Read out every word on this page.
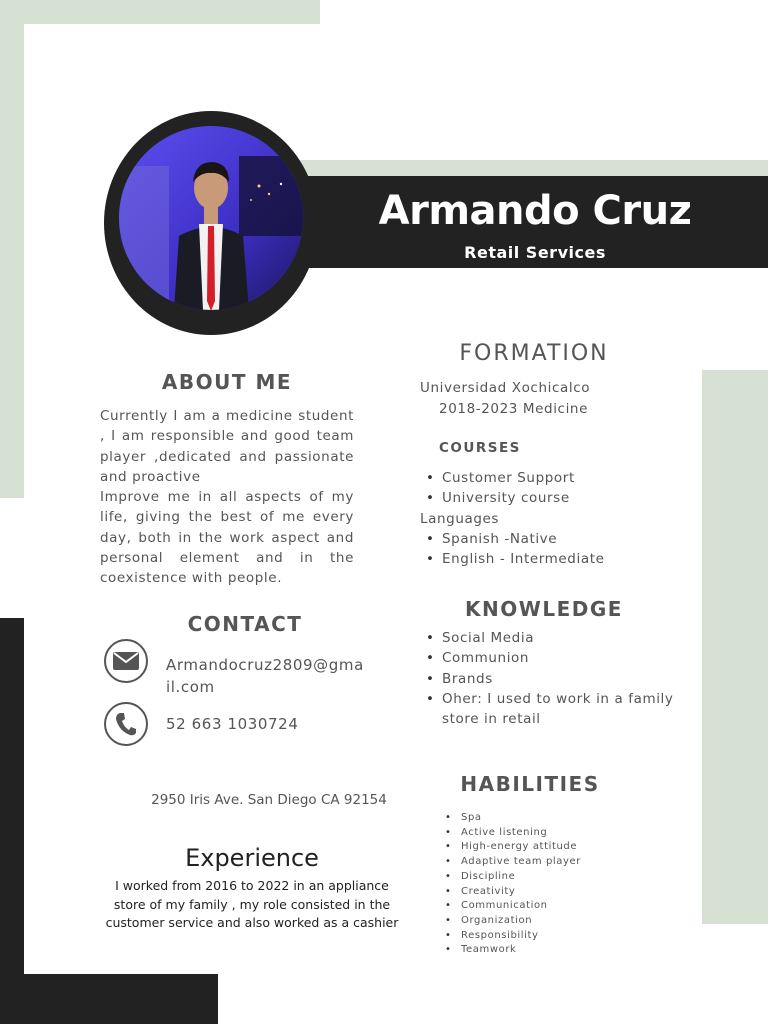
Armando Cruz
Retail Services
ABOUT ME
Currently I am a medicine student , I am responsible and good team player ,dedicated and passionate and proactive
Improve me in all aspects of my life, giving the best of me every day, both in the work aspect and personal element and in the coexistence with people.
CONTACT
Armandocruz2809@gma
il.com
52 663 1030724
2950 Iris Ave. San Diego CA 92154
Experience
I worked from 2016 to 2022 in an appliance store of my family , my role consisted in the customer service and also worked as a cashier
FORMATION
Universidad Xochicalco
2018-2023 Medicine
COURSES
• Customer Support
• University course
Languages
• Spanish -Native
• English - Intermediate
KNOWLEDGE
• Social Media
• Communion
• Brands
• Oher: I used to work in a family store in retail
HABILITIES
• Spa
• Active listening
• High-energy attitude
• Adaptive team player
• Discipline
• Creativity
• Communication
• Organization
• Responsibility
• Teamwork
